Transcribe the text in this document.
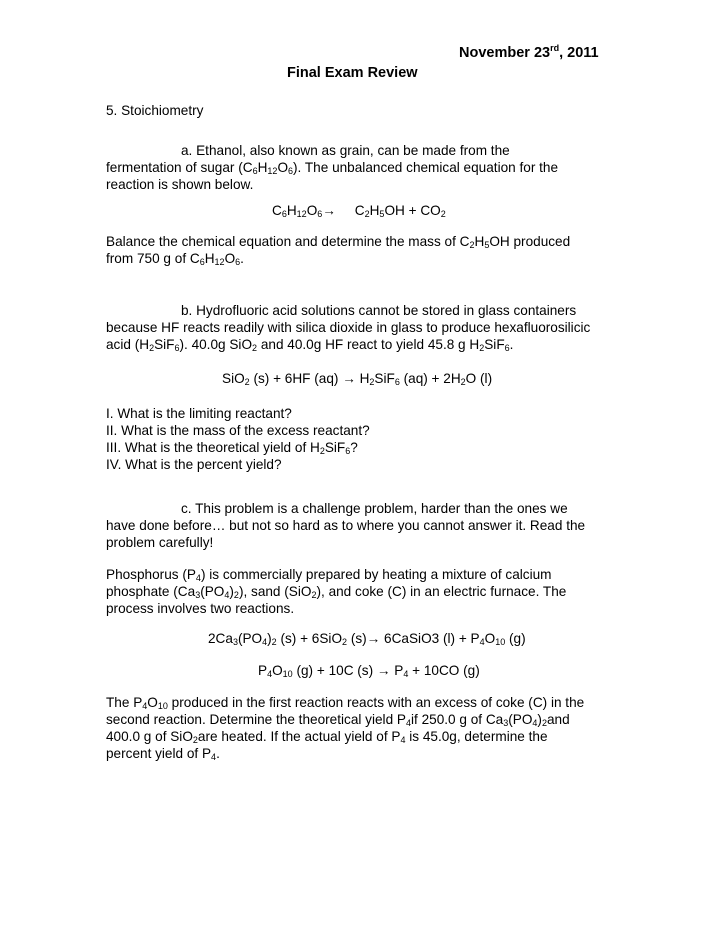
November 23rd, 2011
Final Exam Review
5. Stoichiometry
a. Ethanol, also known as grain, can be made from the
fermentation of sugar $(C_6H_{12}O_6)$. The unbalanced chemical equation for the
reaction is shown below.
$C_6H_{12}O_6\to$     $C_2H_5OH + CO_2$
Balance the chemical equation and determine the mass of $C_2H_5OH$ produced
from 750 g of $C_6H_{12}O_6$.
b. Hydrofluoric acid solutions cannot be stored in glass containers
because HF reacts readily with silica dioxide in glass to produce hexafluorosilicic
acid $(H_2SiF_6)$. 40.0g SiO$_2$ and 40.0g HF react to yield 45.8 g $H_2SiF_6$.
SiO$_2$ (s) + 6HF $(aq) \to H_2SiF_6$ $(aq) + 2H_2O$ (l)
I. What is the limiting reactant?
II. What is the mass of the excess reactant?
III. What is the theoretical yield of $H_2SiF_6$?
IV. What is the percent yield?
c. This problem is a challenge problem, harder than the ones we
have done before… but not so hard as to where you cannot answer it. Read the
problem carefully!
Phosphorus $(P_4)$ is commercially prepared by heating a mixture of calcium
phosphate $(Ca_3(PO_4)_2)$, sand (SiO$_2$), and coke (C) in an electric furnace. The
process involves two reactions.
$2Ca_3(PO_4)_2$ (s) + 6SiO$_2$ (s)→ 6CaSiO3 $(l) + P_4O_{10}$ (g)
$P_4O_{10}$ (g) + 10C $(s) \to P_4 + 10CO$ (g)
The $P_4O_{10}$ produced in the first reaction reacts with an excess of coke (C) in the
second reaction. Determine the theoretical yield $P_4if$ 250.0 g of $Ca_3(PO_4)_2and$
400.0 g of SiO$_2$are heated. If the actual yield of $P_4$ is 45.0g, determine the
percent yield of $P_4$.
